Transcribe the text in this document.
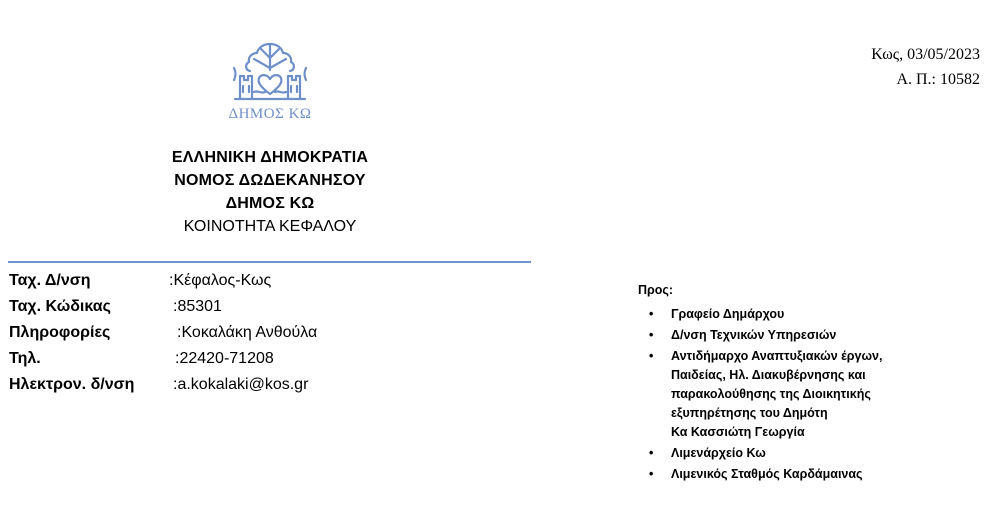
ΔΗΜΟΣ ΚΩ
ΕΛΛΗΝΙΚΗ ΔΗΜΟΚΡΑΤΙΑ
ΝΟΜΟΣ ΔΩΔΕΚΑΝΗΣΟΥ
ΔΗΜΟΣ ΚΩ
ΚΟΙΝΟΤΗΤΑ ΚΕΦΑΛΟΥ
Ταχ. Δ/νση	:Κέφαλος-Κως
Ταχ. Κώδικας	:85301
Πληροφορίες	:Κοκαλάκη Ανθούλα
Τηλ.	:22420-71208
Ηλεκτρον. δ/νση :a.kokalaki@kos.gr
Κως, 03/05/2023
Α. Π.: 10582
Προς:
• Γραφείο Δημάρχου
• Δ/νση Τεχνικών Υπηρεσιών
• Αντιδήμαρχο Αναπτυξιακών έργων,
Παιδείας, Ηλ. Διακυβέρνησης και
παρακολούθησης της Διοικητικής
εξυπηρέτησης του Δημότη
Κα Κασσιώτη Γεωργία
• Λιμενάρχείο Κω
• Λιμενικός Σταθμός Καρδάμαινας
